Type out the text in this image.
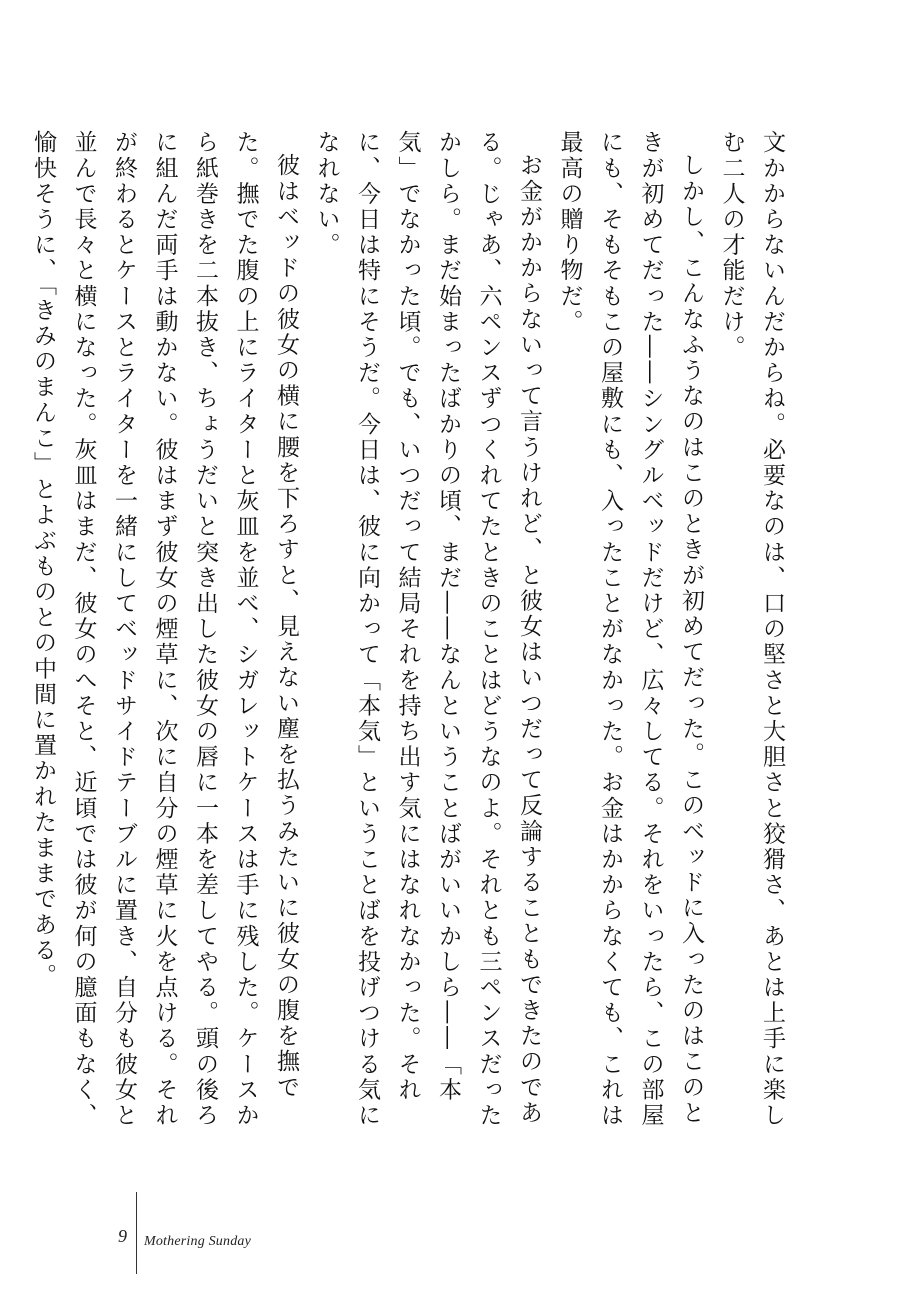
文かからないんだからね。必要なのは、口の堅さと大胆さと狡猾さ、あとは上手に楽しむ二人の才能だけ。

しかし、こんなふうなのはこのときが初めてだった。このベッドに入ったのはこのときが初めてだった――シングルベッドだけど、広々してる。それをいったら、この部屋にも、そもそもこの屋敷にも、入ったことがなかった。お金はかからなくても、これは最高の贈り物だ。

お金がかからないって言うけれど、と彼女はいつだって反論することもできたのである。じゃあ、六ペンスずつくれてたときのことはどうなのよ。それとも三ペンスだったかしら。まだ始まったばかりの頃、まだ――なんということばがいいかしら――「本気」でなかった頃。でも、いつだって結局それを持ち出す気にはなれなかった。それに、今日は特にそうだ。今日は、彼に向かって「本気」ということばを投げつける気になれない。

彼はベッドの彼女の横に腰を下ろすと、見えない塵を払うみたいに彼女の腹を撫でた。撫でた腹の上にライターと灰皿を並べ、シガレットケースは手に残した。ケースから紙巻きを二本抜き、ちょうだいと突き出した彼女の唇に一本を差してやる。頭の後ろに組んだ両手は動かない。彼はまず彼女の煙草に、次に自分の煙草に火を点ける。それが終わるとケースとライターを一緒にしてベッドサイドテーブルに置き、自分も彼女と並んで長々と横になった。灰皿はまだ、彼女のへそと、近頃では彼が何の臆面もなく、愉快そうに、「きみのまんこ」とよぶものとの中間に置かれたままである。

9 Mothering Sunday
